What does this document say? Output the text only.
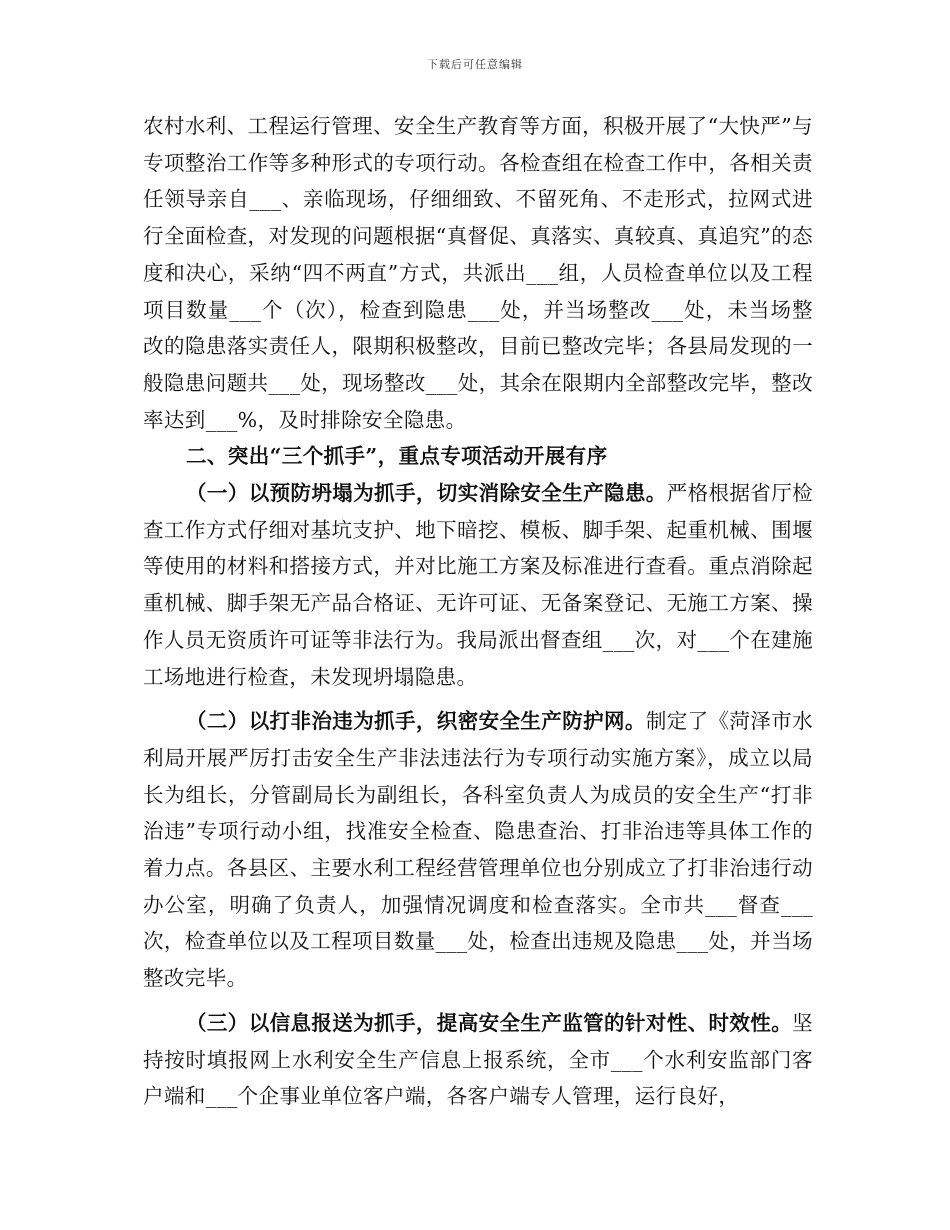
下载后可任意编辑

农村水利、工程运行管理、安全生产教育等方面，积极开展了“大快严”与专项整治工作等多种形式的专项行动。各检查组在检查工作中，各相关责任领导亲自___、亲临现场，仔细细致、不留死角、不走形式，拉网式进行全面检查，对发现的问题根据“真督促、真落实、真较真、真追究”的态度和决心，采纳“四不两直”方式，共派出___组，人员检查单位以及工程项目数量___个（次），检查到隐患___处，并当场整改___处，未当场整改的隐患落实责任人，限期积极整改，目前已整改完毕；各县局发现的一般隐患问题共___处，现场整改___处，其余在限期内全部整改完毕，整改率达到___%，及时排除安全隐患。

二、突出“三个抓手”，重点专项活动开展有序

（一）以预防坍塌为抓手，切实消除安全生产隐患。严格根据省厅检查工作方式仔细对基坑支护、地下暗挖、模板、脚手架、起重机械、围堰等使用的材料和搭接方式，并对比施工方案及标准进行查看。重点消除起重机械、脚手架无产品合格证、无许可证、无备案登记、无施工方案、操作人员无资质许可证等非法行为。我局派出督查组___次，对___个在建施工场地进行检查，未发现坍塌隐患。

（二）以打非治违为抓手，织密安全生产防护网。制定了《菏泽市水利局开展严厉打击安全生产非法违法行为专项行动实施方案》，成立以局长为组长，分管副局长为副组长，各科室负责人为成员的安全生产“打非治违”专项行动小组，找准安全检查、隐患查治、打非治违等具体工作的着力点。各县区、主要水利工程经营管理单位也分别成立了打非治违行动办公室，明确了负责人，加强情况调度和检查落实。全市共___督查___次，检查单位以及工程项目数量___处，检查出违规及隐患___处，并当场整改完毕。

（三）以信息报送为抓手，提高安全生产监管的针对性、时效性。坚持按时填报网上水利安全生产信息上报系统，全市___个水利安监部门客户端和___个企事业单位客户端，各客户端专人管理，运行良好，
